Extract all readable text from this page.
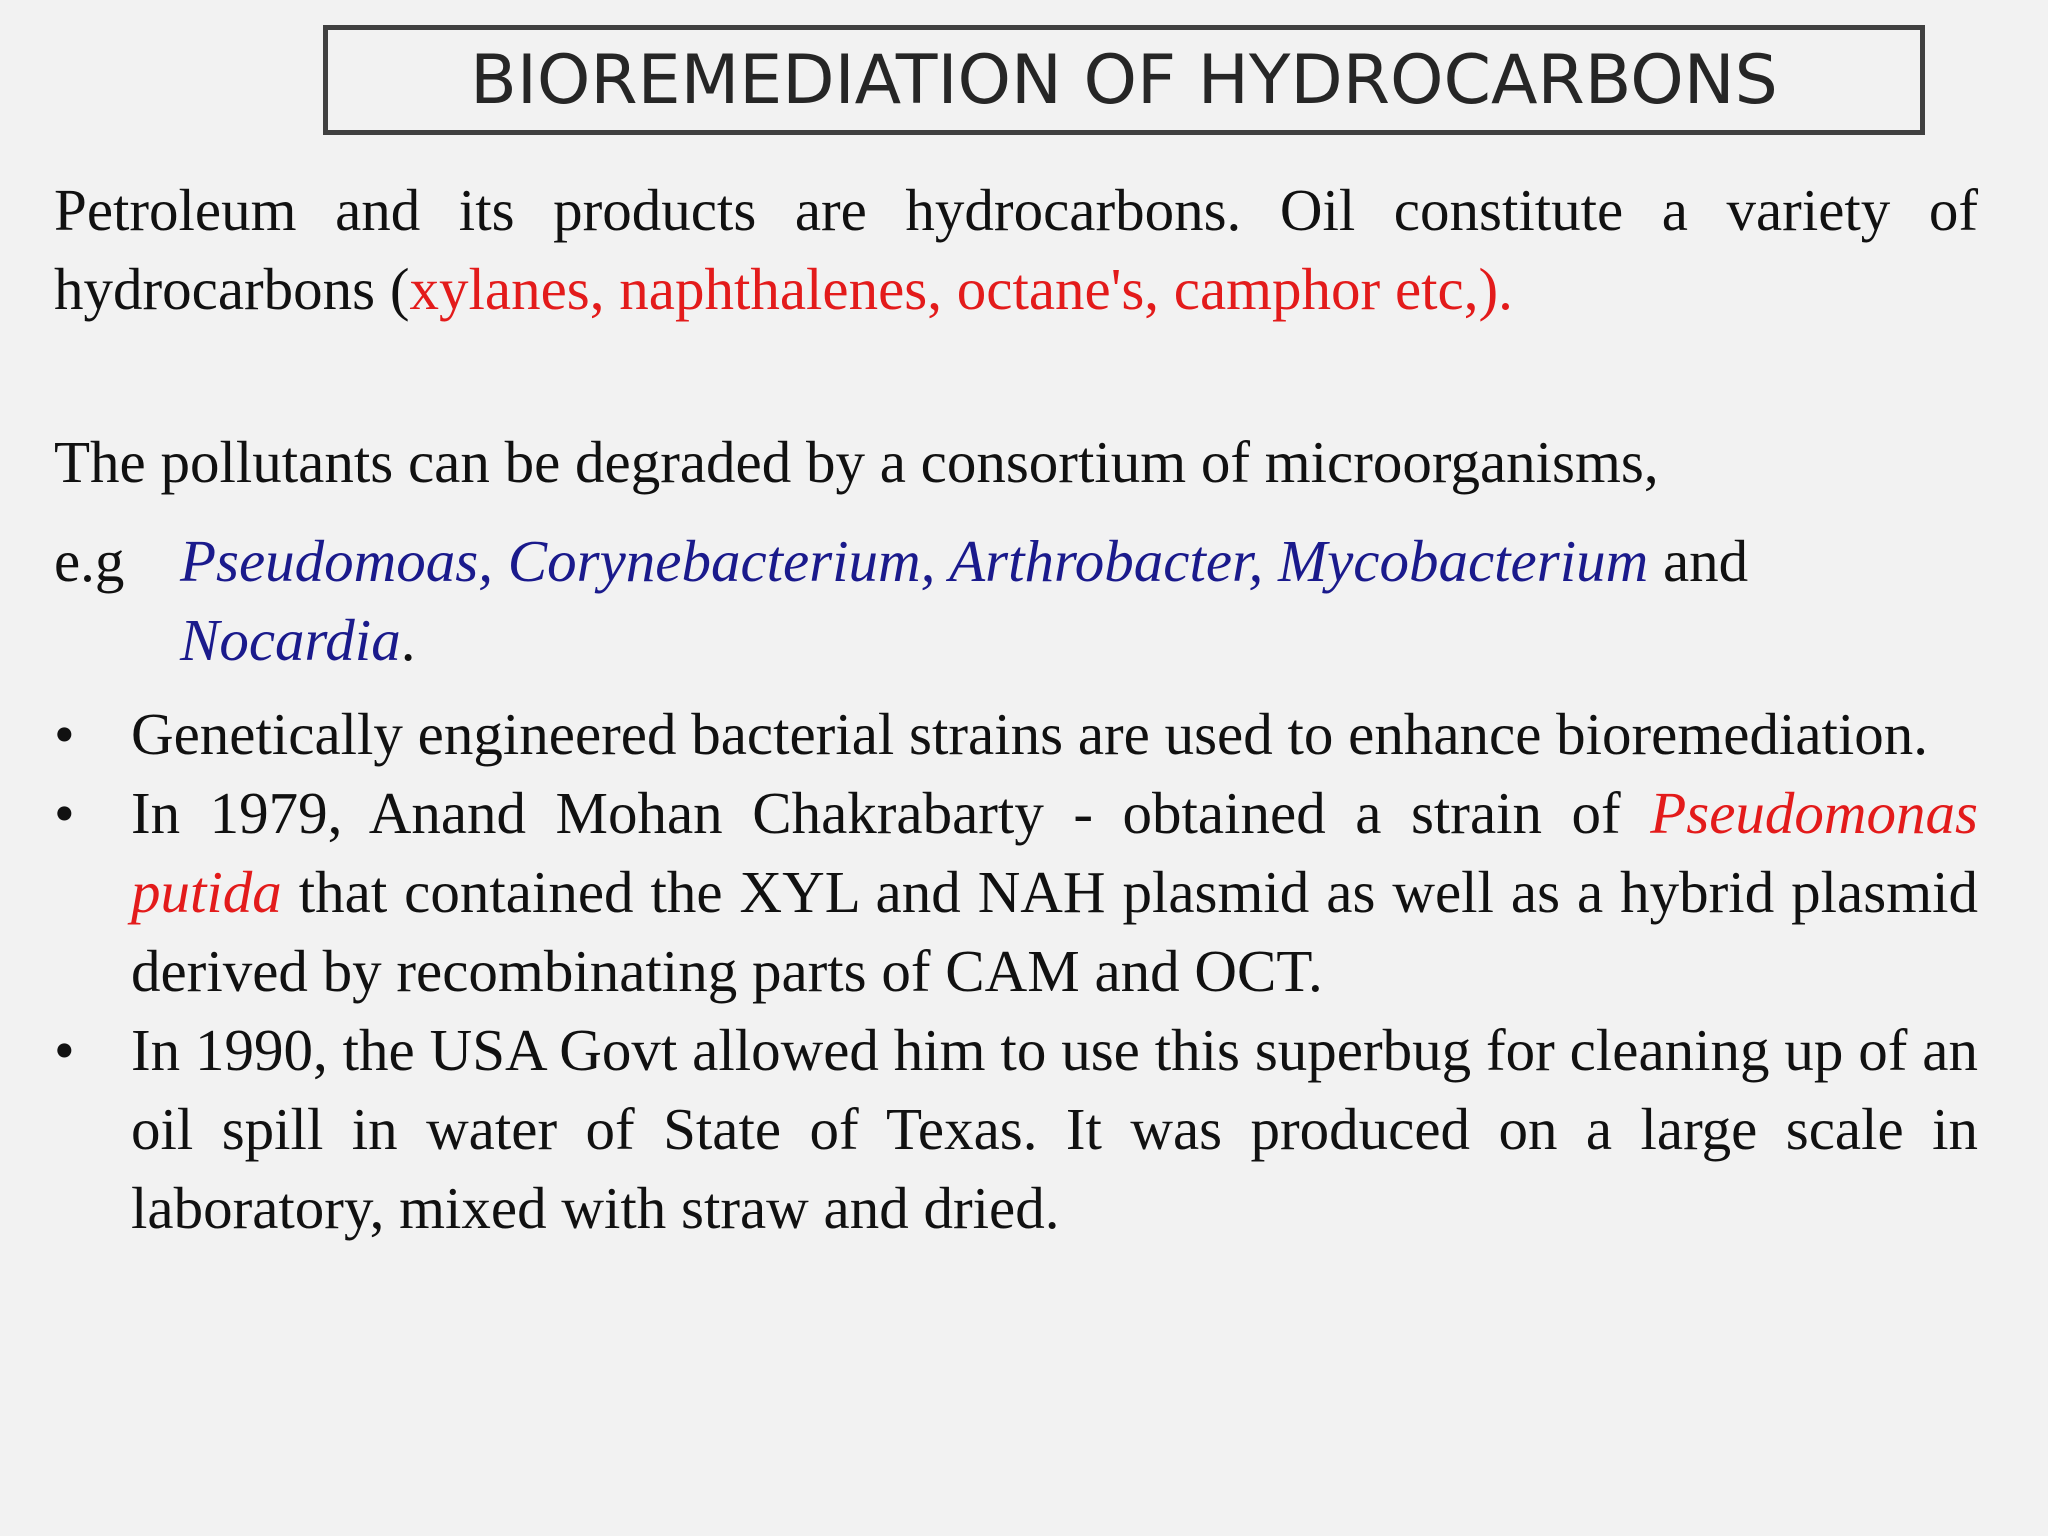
BIOREMEDIATION OF HYDROCARBONS
Petroleum and its products are hydrocarbons. Oil constitute a variety of hydrocarbons (xylanes, naphthalenes, octane's, camphor etc,).
The pollutants can be degraded by a consortium of microorganisms,
e.g Pseudomoas, Corynebacterium, Arthrobacter, Mycobacterium and
Nocardia.
• Genetically engineered bacterial strains are used to enhance bioremediation.
• In 1979, Anand Mohan Chakrabarty - obtained a strain of Pseudomonas putida that contained the XYL and NAH plasmid as well as a hybrid plasmid derived by recombinating parts of CAM and OCT.
• In 1990, the USA Govt allowed him to use this superbug for cleaning up of an oil spill in water of State of Texas. It was produced on a large scale in laboratory, mixed with straw and dried.
